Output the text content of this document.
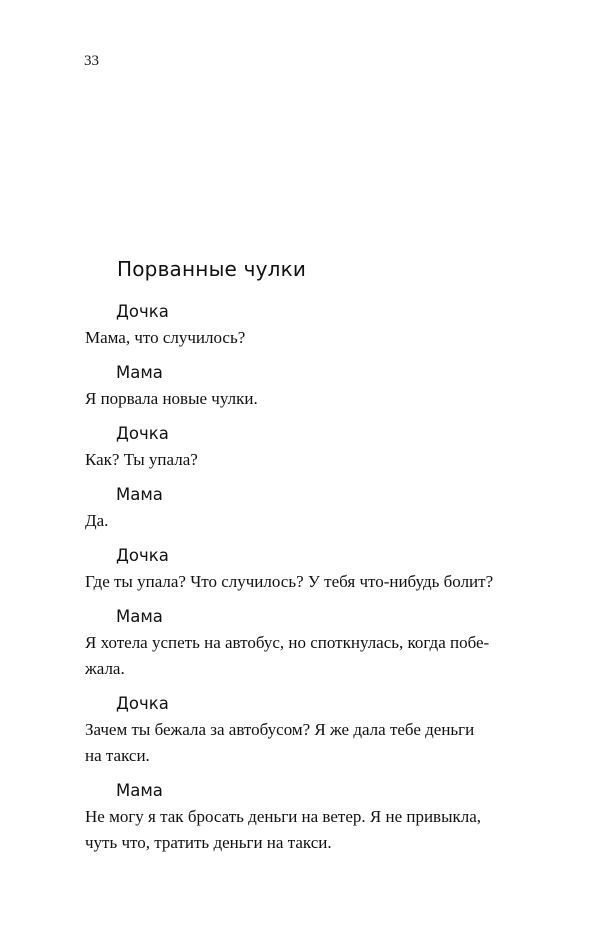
33
Порванные чулки
Дочка
Мама, что случилось?
Мама
Я порвала новые чулки.
Дочка
Как? Ты упала?
Мама
Да.
Дочка
Где ты упала? Что случилось? У тебя что-нибудь болит?
Мама
Я хотела успеть на автобус, но споткнулась, когда побе-
жала.
Дочка
Зачем ты бежала за автобусом? Я же дала тебе деньги
на такси.
Мама
Не могу я так бросать деньги на ветер. Я не привыкла,
чуть что, тратить деньги на такси.
